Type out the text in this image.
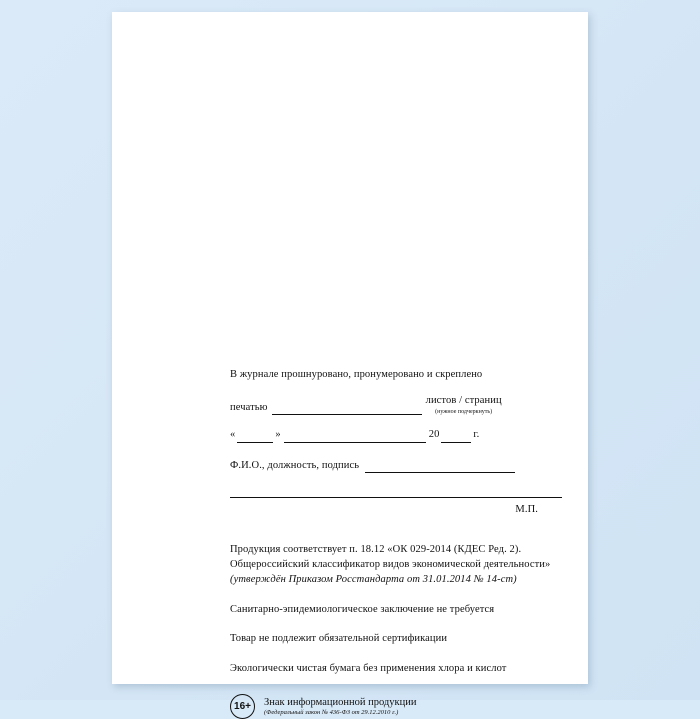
В журнале прошнуровано, пронумеровано и скреплено
печатью
листов / страниц
(нужное подчеркнуть)
«	»	20	г.
Ф.И.О., должность, подпись
М.П.
Продукция соответствует п. 18.12 «ОК 029-2014 (КДЕС Ред. 2).
Общероссийский классификатор видов экономической деятельности»
(утверждён Приказом Росстандарта от 31.01.2014 № 14-ст)
Санитарно-эпидемиологическое заключение не требуется
Товар не подлежит обязательной сертификации
Экологически чистая бумага без применения хлора и кислот
16+	Знак информационной продукции
(Федеральный закон № 436-ФЗ от 29.12.2010 г.)
